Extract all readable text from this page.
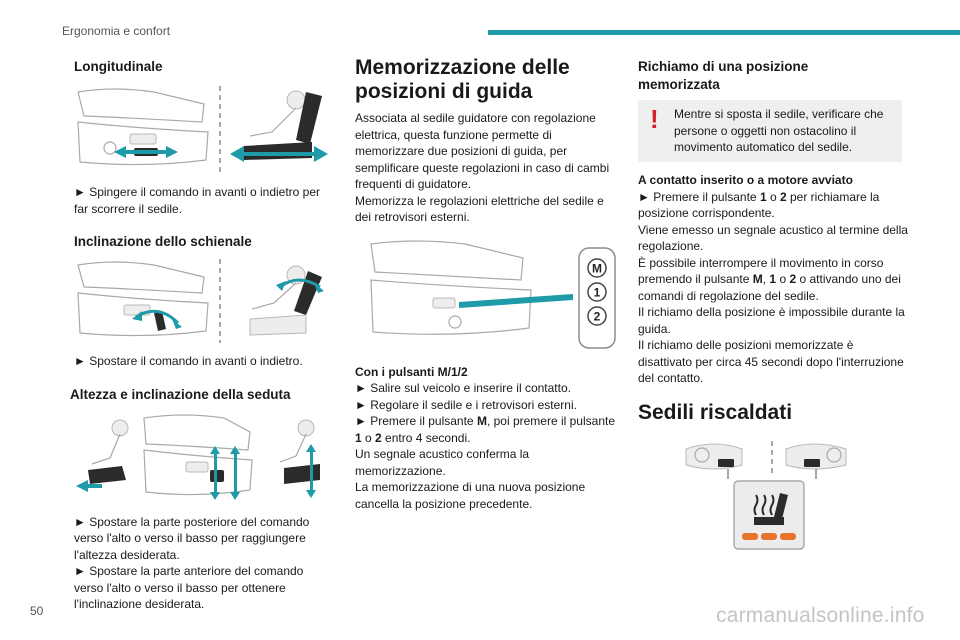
Ergonomia e confort
Longitudinale
► Spingere il comando in avanti o indietro per far scorrere il sedile.
Inclinazione dello schienale
► Spostare il comando in avanti o indietro.
Altezza e inclinazione della seduta
► Spostare la parte posteriore del comando verso l'alto o verso il basso per raggiungere l'altezza desiderata.
► Spostare la parte anteriore del comando verso l'alto o verso il basso per ottenere l'inclinazione desiderata.
Memorizzazione delle
posizioni di guida
Associata al sedile guidatore con regolazione elettrica, questa funzione permette di memorizzare due posizioni di guida, per semplificare queste regolazioni in caso di cambi frequenti di guidatore.
Memorizza le regolazioni elettriche del sedile e dei retrovisori esterni.
M
1
2
Con i pulsanti M/1/2
► Salire sul veicolo e inserire il contatto.
► Regolare il sedile e i retrovisori esterni.
► Premere il pulsante M, poi premere il pulsante 1 o 2 entro 4 secondi.
Un segnale acustico conferma la memorizzazione.
La memorizzazione di una nuova posizione cancella la posizione precedente.
Richiamo di una posizione
memorizzata
! Mentre si sposta il sedile, verificare che persone o oggetti non ostacolino il movimento automatico del sedile.
A contatto inserito o a motore avviato
► Premere il pulsante 1 o 2 per richiamare la posizione corrispondente.
Viene emesso un segnale acustico al termine della regolazione.
È possibile interrompere il movimento in corso premendo il pulsante M, 1 o 2 o attivando uno dei comandi di regolazione del sedile.
Il richiamo della posizione è impossibile durante la guida.
Il richiamo delle posizioni memorizzate è disattivato per circa 45 secondi dopo l'interruzione del contatto.
Sedili riscaldati
50	carmanualsonline.info
